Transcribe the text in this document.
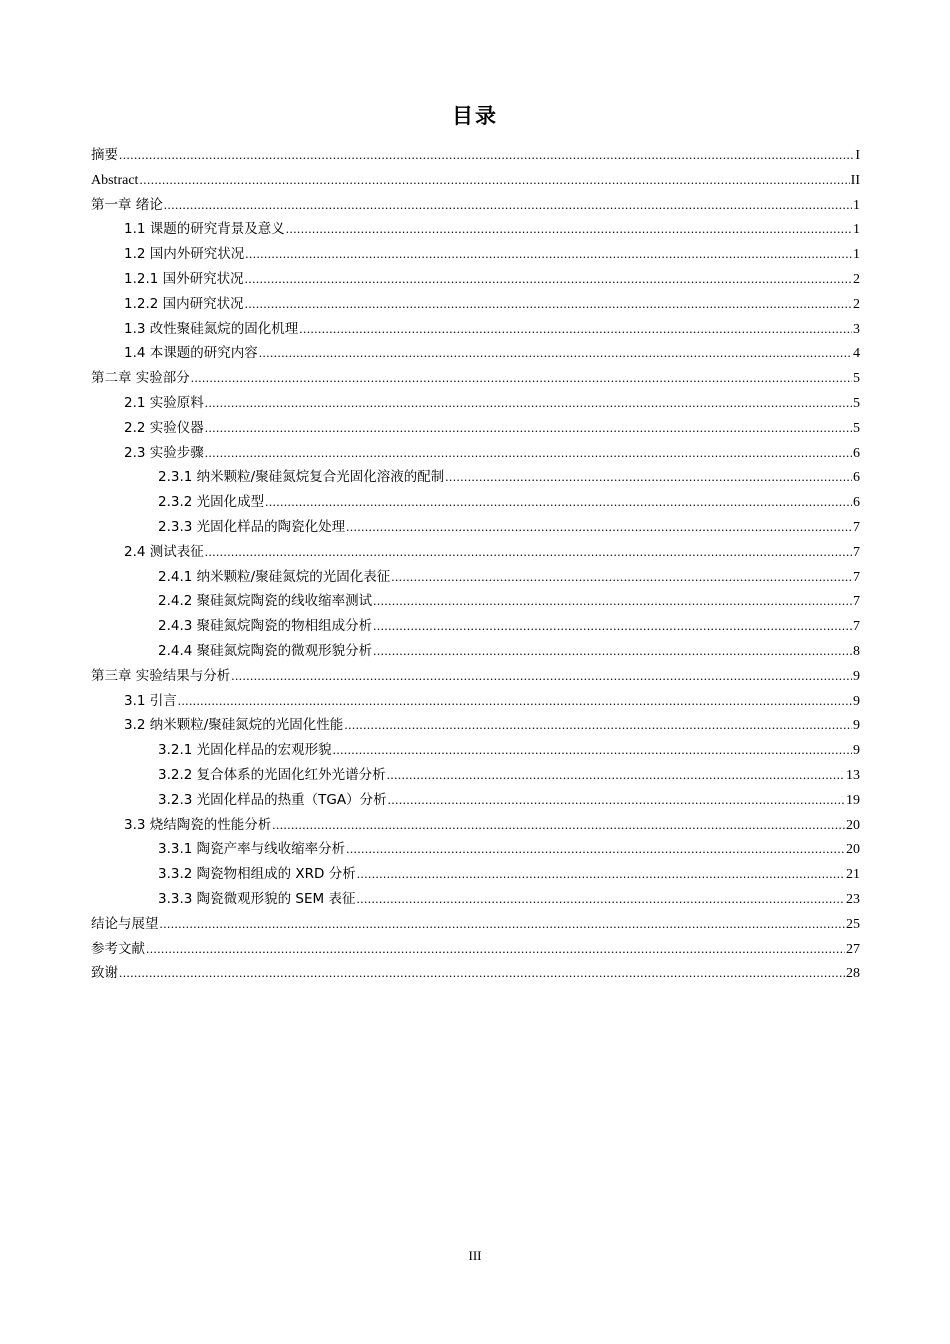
目录
摘要 .....	I
Abstract .....	II
第一章 绪论 .....	1
1.1 课题的研究背景及意义 .....	1
1.2 国内外研究状况 .....	1
1.2.1 国外研究状况 .....	2
1.2.2 国内研究状况 .....	2
1.3 改性聚硅氮烷的固化机理 .....	3
1.4 本课题的研究内容 .....	4
第二章 实验部分 .....	5
2.1 实验原料 .....	5
2.2 实验仪器 .....	5
2.3 实验步骤 .....	6
2.3.1 纳米颗粒/聚硅氮烷复合光固化溶液的配制 .....	6
2.3.2 光固化成型 .....	6
2.3.3 光固化样品的陶瓷化处理 .....	7
2.4 测试表征 .....	7
2.4.1 纳米颗粒/聚硅氮烷的光固化表征 .....	7
2.4.2 聚硅氮烷陶瓷的线收缩率测试 .....	7
2.4.3 聚硅氮烷陶瓷的物相组成分析 .....	7
2.4.4 聚硅氮烷陶瓷的微观形貌分析 .....	8
第三章 实验结果与分析 .....	9
3.1 引言 .....	9
3.2 纳米颗粒/聚硅氮烷的光固化性能 .....	9
3.2.1 光固化样品的宏观形貌 .....	9
3.2.2 复合体系的光固化红外光谱分析 .....	13
3.2.3 光固化样品的热重（TGA）分析 .....	19
3.3 烧结陶瓷的性能分析 .....	20
3.3.1 陶瓷产率与线收缩率分析 .....	20
3.3.2 陶瓷物相组成的 XRD 分析 .....	21
3.3.3 陶瓷微观形貌的 SEM 表征 .....	23
结论与展望 .....	25
参考文献 .....	27
致谢 .....	28
III
